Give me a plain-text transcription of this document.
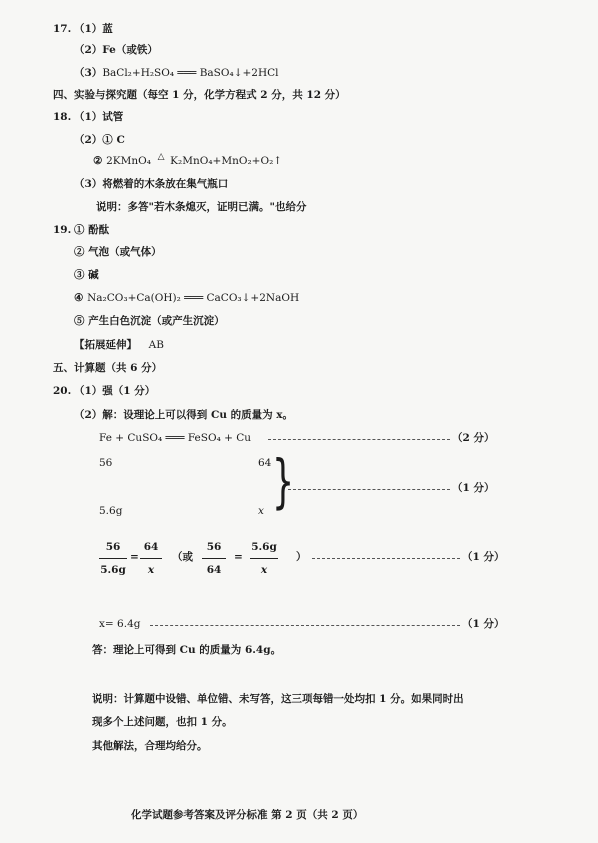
17. （1）蓝
（2）Fe（或铁）
（3）BaCl₂+H₂SO₄ ═══ BaSO₄↓+2HCl
四、实验与探究题（每空 1 分，化学方程式 2 分，共 12 分）
18. （1）试管
（2）① C
② 2KMnO₄ △ K₂MnO₄+MnO₂+O₂↑
（3）将燃着的木条放在集气瓶口
说明：多答"若木条熄灭，证明已满。"也给分
19. ① 酚酞
② 气泡（或气体）
③ 碱
④ Na₂CO₃+Ca(OH)₂ ═══ CaCO₃↓+2NaOH
⑤ 产生白色沉淀（或产生沉淀）
【拓展延伸】 AB
五、计算题（共 6 分）
20. （1）强（1 分）
（2）解：设理论上可以得到 Cu 的质量为 x。
Fe + CuSO₄ ═══ FeSO₄ + Cu	（2 分）
56	64
5.6g	x }	（1 分）
$\frac{56}{5.6g} = \frac{64}{x}$ （或 $\frac{56}{64} = \frac{5.6g}{x}$ ）	（1 分）
x= 6.4g	（1 分）
答：理论上可得到 Cu 的质量为 6.4g。
说明：计算题中设错、单位错、未写答，这三项每错一处均扣 1 分。如果同时出
现多个上述问题，也扣 1 分。
其他解法，合理均给分。
化学试题参考答案及评分标准 第 2 页（共 2 页）
